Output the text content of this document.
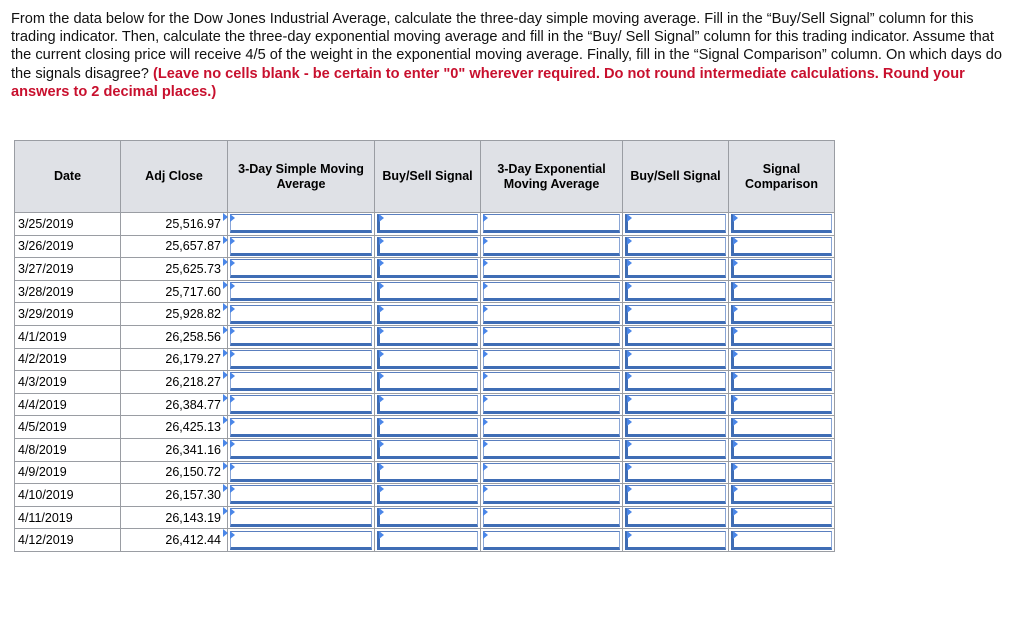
From the data below for the Dow Jones Industrial Average, calculate the three-day simple moving average. Fill in the “Buy/Sell Signal” column for this trading indicator. Then, calculate the three-day exponential moving average and fill in the “Buy/ Sell Signal” column for this trading indicator. Assume that the current closing price will receive 4/5 of the weight in the exponential moving average. Finally, fill in the “Signal Comparison” column. On which days do the signals disagree? (Leave no cells blank - be certain to enter "0" wherever required. Do not round intermediate calculations. Round your answers to 2 decimal places.)
Date	Adj Close	3-Day Simple Moving Average	Buy/Sell Signal	3-Day Exponential Moving Average	Buy/Sell Signal	Signal Comparison
3/25/2019	25,516.97

3/26/2019	25,657.87

3/27/2019	25,625.73

3/28/2019	25,717.60

3/29/2019	25,928.82

4/1/2019	26,258.56

4/2/2019	26,179.27

4/3/2019	26,218.27

4/4/2019	26,384.77

4/5/2019	26,425.13

4/8/2019	26,341.16

4/9/2019	26,150.72

4/10/2019	26,157.30

4/11/2019	26,143.19

4/12/2019	26,412.44
